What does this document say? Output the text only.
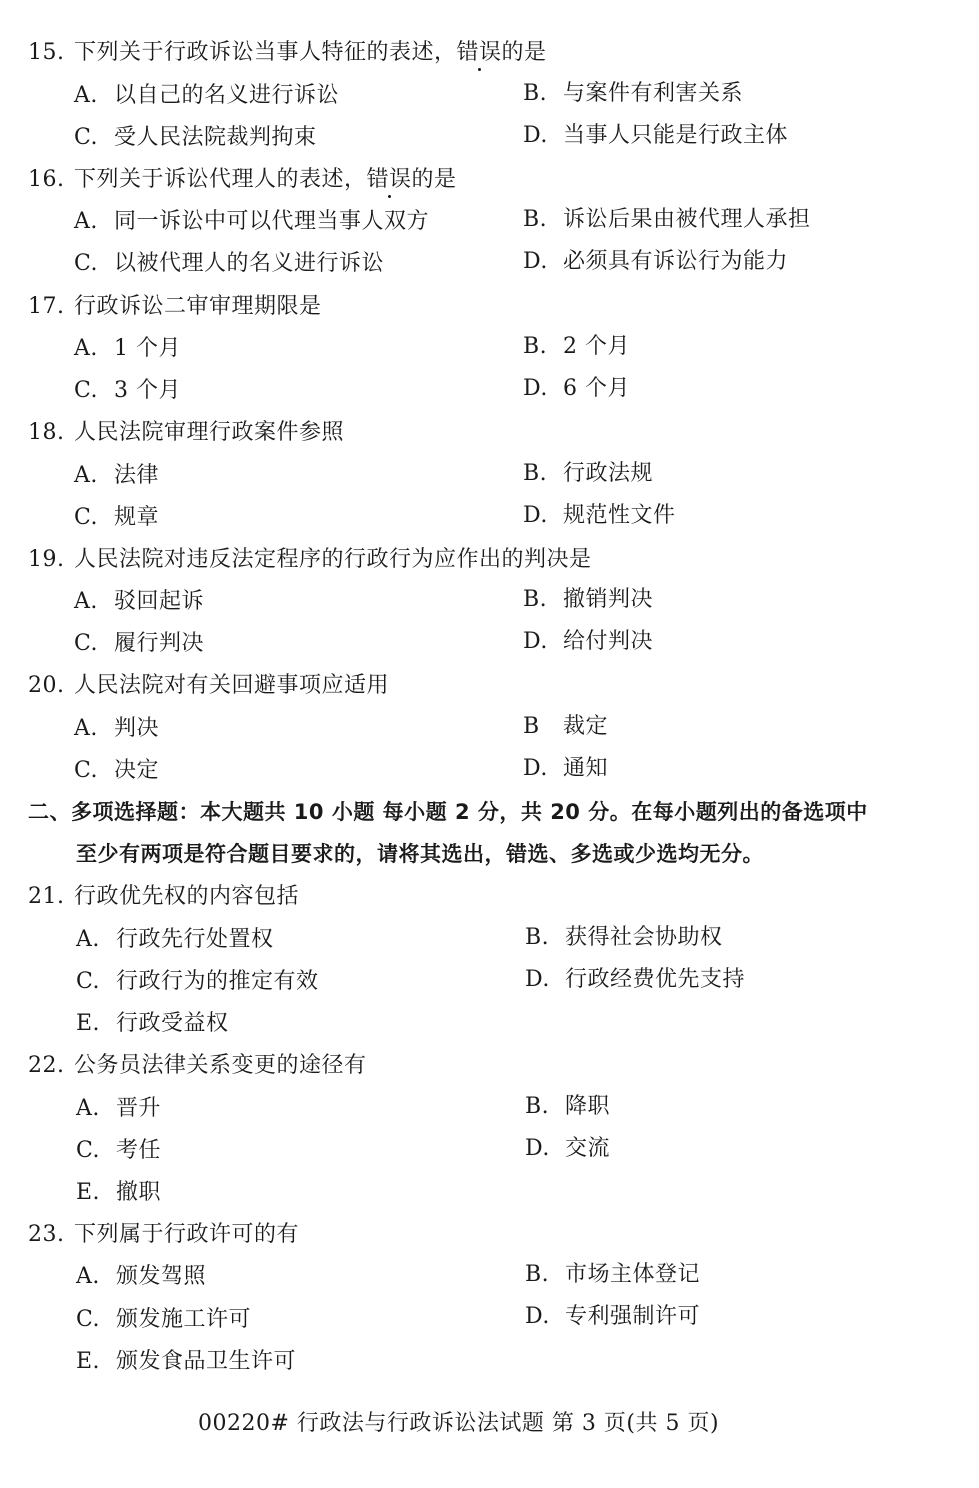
15. 下列关于行政诉讼当事人特征的表述，错误的是
A. 以自己的名义进行诉讼	B. 与案件有利害关系
C. 受人民法院裁判拘束	D. 当事人只能是行政主体
16. 下列关于诉讼代理人的表述，错误的是
A. 同一诉讼中可以代理当事人双方	B. 诉讼后果由被代理人承担
C. 以被代理人的名义进行诉讼	D. 必须具有诉讼行为能力
17. 行政诉讼二审审理期限是
A. 1 个月	B. 2 个月
C. 3 个月	D. 6 个月
18. 人民法院审理行政案件参照
A. 法律	B. 行政法规
C. 规章	D. 规范性文件
19. 人民法院对违反法定程序的行政行为应作出的判决是
A. 驳回起诉	B. 撤销判决
C. 履行判决	D. 给付判决
20. 人民法院对有关回避事项应适用
A. 判决	B 裁定
C. 决定	D. 通知
二、多项选择题：本大题共 10 小题 每小题 2 分，共 20 分。在每小题列出的备选项中
至少有两项是符合题目要求的，请将其选出，错选、多选或少选均无分。
21. 行政优先权的内容包括
A. 行政先行处置权	B. 获得社会协助权
C. 行政行为的推定有效	D. 行政经费优先支持
E. 行政受益权
22. 公务员法律关系变更的途径有
A. 晋升	B. 降职
C. 考任	D. 交流
E. 撤职
23. 下列属于行政许可的有
A. 颁发驾照	B. 市场主体登记
C. 颁发施工许可	D. 专利强制许可
E. 颁发食品卫生许可
00220# 行政法与行政诉讼法试题 第 3 页(共 5 页)
